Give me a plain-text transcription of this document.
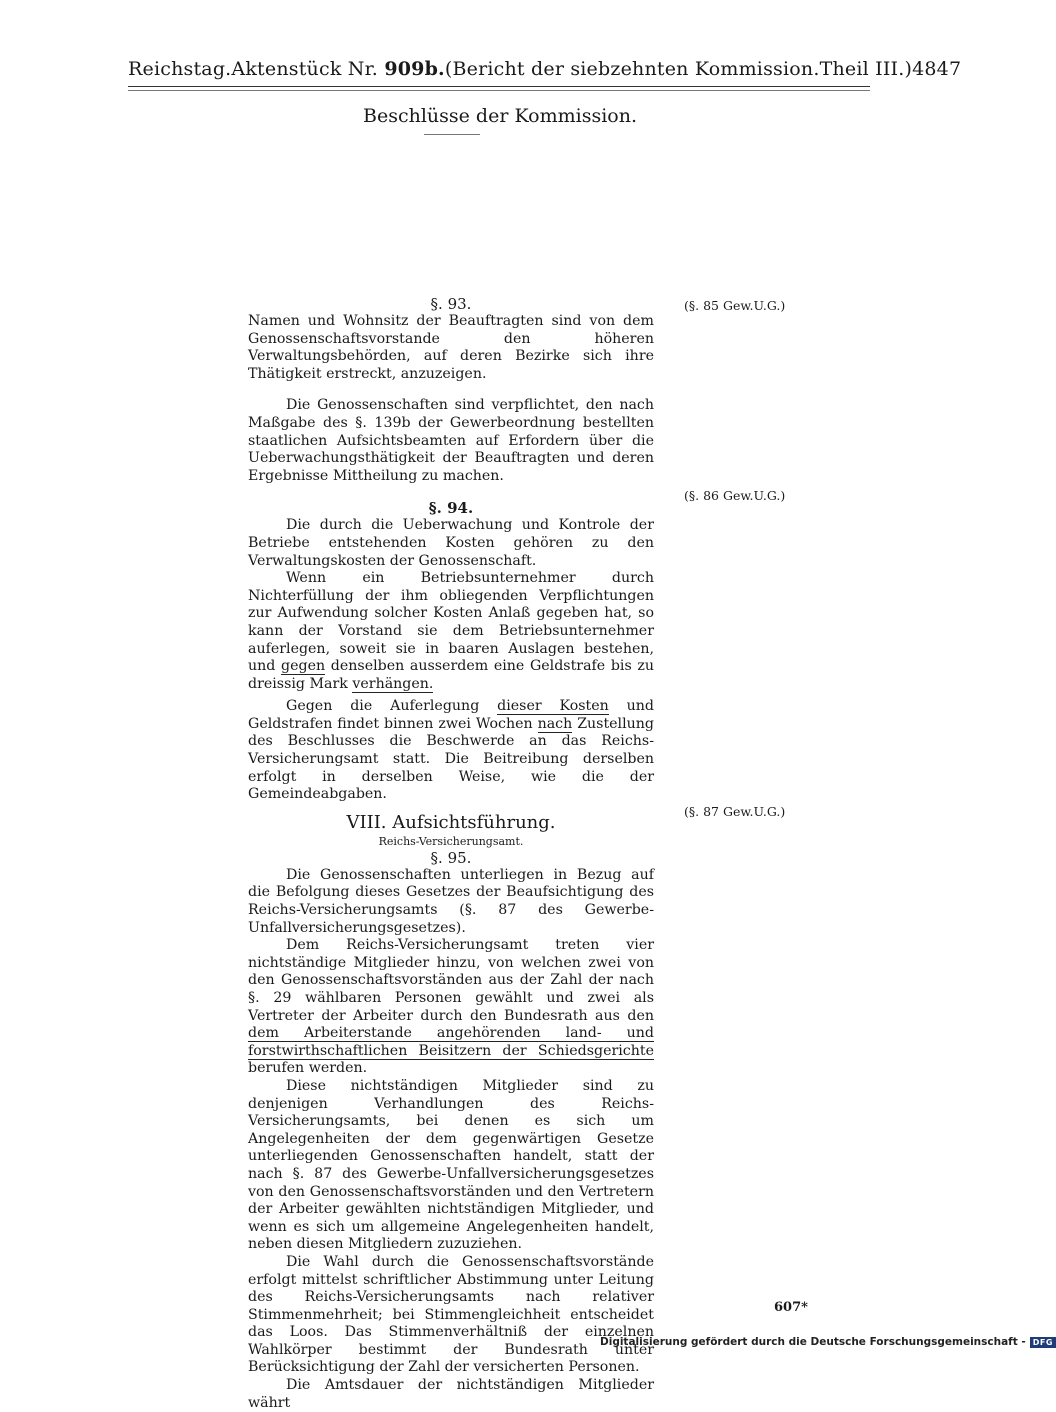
Reichstag. Aktenstück Nr. 909b. (Bericht der siebzehnten Kommission. Theil III.) 4847
Beschlüsse der Kommission.
§. 93.

Namen und Wohnsitz der Beauftragten sind von dem Genossenschaftsvorstande den höheren Verwaltungsbehörden, auf deren Bezirke sich ihre Thätigkeit erstreckt, anzuzeigen.

Die Genossenschaften sind verpflichtet, den nach Maßgabe des §. 139b der Gewerbeordnung bestellten staatlichen Aufsichtsbeamten auf Erfordern über die Ueberwachungsthätigkeit der Beauftragten und deren Ergebnisse Mittheilung zu machen.

§. 94.

Die durch die Ueberwachung und Kontrole der Betriebe entstehenden Kosten gehören zu den Verwaltungskosten der Genossenschaft.

Wenn ein Betriebsunternehmer durch Nichterfüllung der ihm obliegenden Verpflichtungen zur Aufwendung solcher Kosten Anlaß gegeben hat, so kann der Vorstand sie dem Betriebsunternehmer auferlegen, soweit sie in baaren Auslagen bestehen, und gegen denselben ausserdem eine Geldstrafe bis zu dreissig Mark verhängen.

Gegen die Auferlegung dieser Kosten und Geldstrafen findet binnen zwei Wochen nach Zustellung des Beschlusses die Beschwerde an das Reichs-Versicherungsamt statt. Die Beitreibung derselben erfolgt in derselben Weise, wie die der Gemeindeabgaben.

VIII. Aufsichtsführung.
Reichs-Versicherungsamt.
§. 95.

Die Genossenschaften unterliegen in Bezug auf die Befolgung dieses Gesetzes der Beaufsichtigung des Reichs-Versicherungsamts (§. 87 des Gewerbe-Unfallversicherungsgesetzes).

Dem Reichs-Versicherungsamt treten vier nichtständige Mitglieder hinzu, von welchen zwei von den Genossenschaftsvorständen aus der Zahl der nach §. 29 wählbaren Personen gewählt und zwei als Vertreter der Arbeiter durch den Bundesrath aus den dem Arbeiterstande angehörenden land- und forstwirthschaftlichen Beisitzern der Schiedsgerichte berufen werden.

Diese nichtständigen Mitglieder sind zu denjenigen Verhandlungen des Reichs-Versicherungsamts, bei denen es sich um Angelegenheiten der dem gegenwärtigen Gesetze unterliegenden Genossenschaften handelt, statt der nach §. 87 des Gewerbe-Unfallversicherungsgesetzes von den Genossenschaftsvorständen und den Vertretern der Arbeiter gewählten nichtständigen Mitglieder, und wenn es sich um allgemeine Angelegenheiten handelt, neben diesen Mitgliedern zuzuziehen.

Die Wahl durch die Genossenschaftsvorstände erfolgt mittelst schriftlicher Abstimmung unter Leitung des Reichs-Versicherungsamts nach relativer Stimmenmehrheit; bei Stimmengleichheit entscheidet das Loos. Das Stimmenverhältniß der einzelnen Wahlkörper bestimmt der Bundesrath unter Berücksichtigung der Zahl der versicherten Personen.

Die Amtsdauer der nichtständigen Mitglieder währt

(§. 85 Gew.U.G.)
(§. 86 Gew.U.G.)
(§. 87 Gew.U.G.)
607*
Digitalisierung gefördert durch die Deutsche Forschungsgemeinschaft - DFG
